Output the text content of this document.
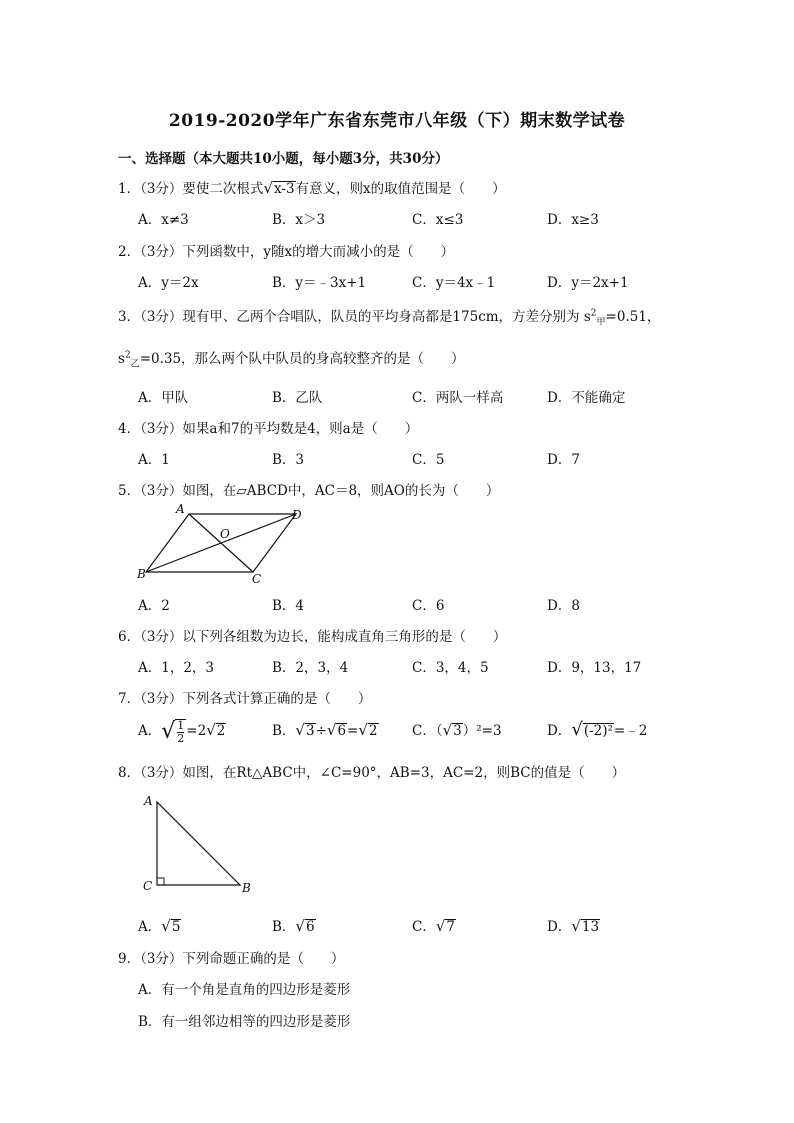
2019-2020学年广东省东莞市八年级（下）期末数学试卷
一、选择题（本大题共10小题，每小题3分，共30分）
1．（3分）要使二次根式√x-3有意义，则x的取值范围是（　　）
A．x≠3	B．x＞3	C．x≤3	D．x≥3
2．（3分）下列函数中，y随x的增大而减小的是（　　）
A．y＝2x	B．y＝﹣3x+1	C．y＝4x﹣1	D．y＝2x+1
3．（3分）现有甲、乙两个合唱队，队员的平均身高都是175cm，方差分别为 $s^2_甲=0.51$，
$s^2_乙=0.35$，那么两个队中队员的身高较整齐的是（　　）
A．甲队	B．乙队	C．两队一样高	D．不能确定
4．（3分）如果a和7的平均数是4，则a是（　　）
A．1	B．3	C．5	D．7
5．（3分）如图，在▱ABCD中，AC＝8，则AO的长为（　　）
A	D
B	C
O
A．2	B．4	C．6	D．8
6．（3分）以下列各组数为边长，能构成直角三角形的是（　　）
A．1，2，3	B．2，3，4	C．3，4，5	D．9，13，17
7．（3分）下列各式计算正确的是（　　）
A．√ $\frac{1}{2} =2√2$	B．√3÷√6=√2	C．（√3）²=3	D．√(-2)²=﹣2
8．（3分）如图，在Rt△ABC中，∠C=90°，AB=3，AC=2，则BC的值是（　　）
A
C	B
A．√5	B．√6	C．√7	D．√13
9．（3分）下列命题正确的是（　　）
A．有一个角是直角的四边形是菱形
B．有一组邻边相等的四边形是菱形
